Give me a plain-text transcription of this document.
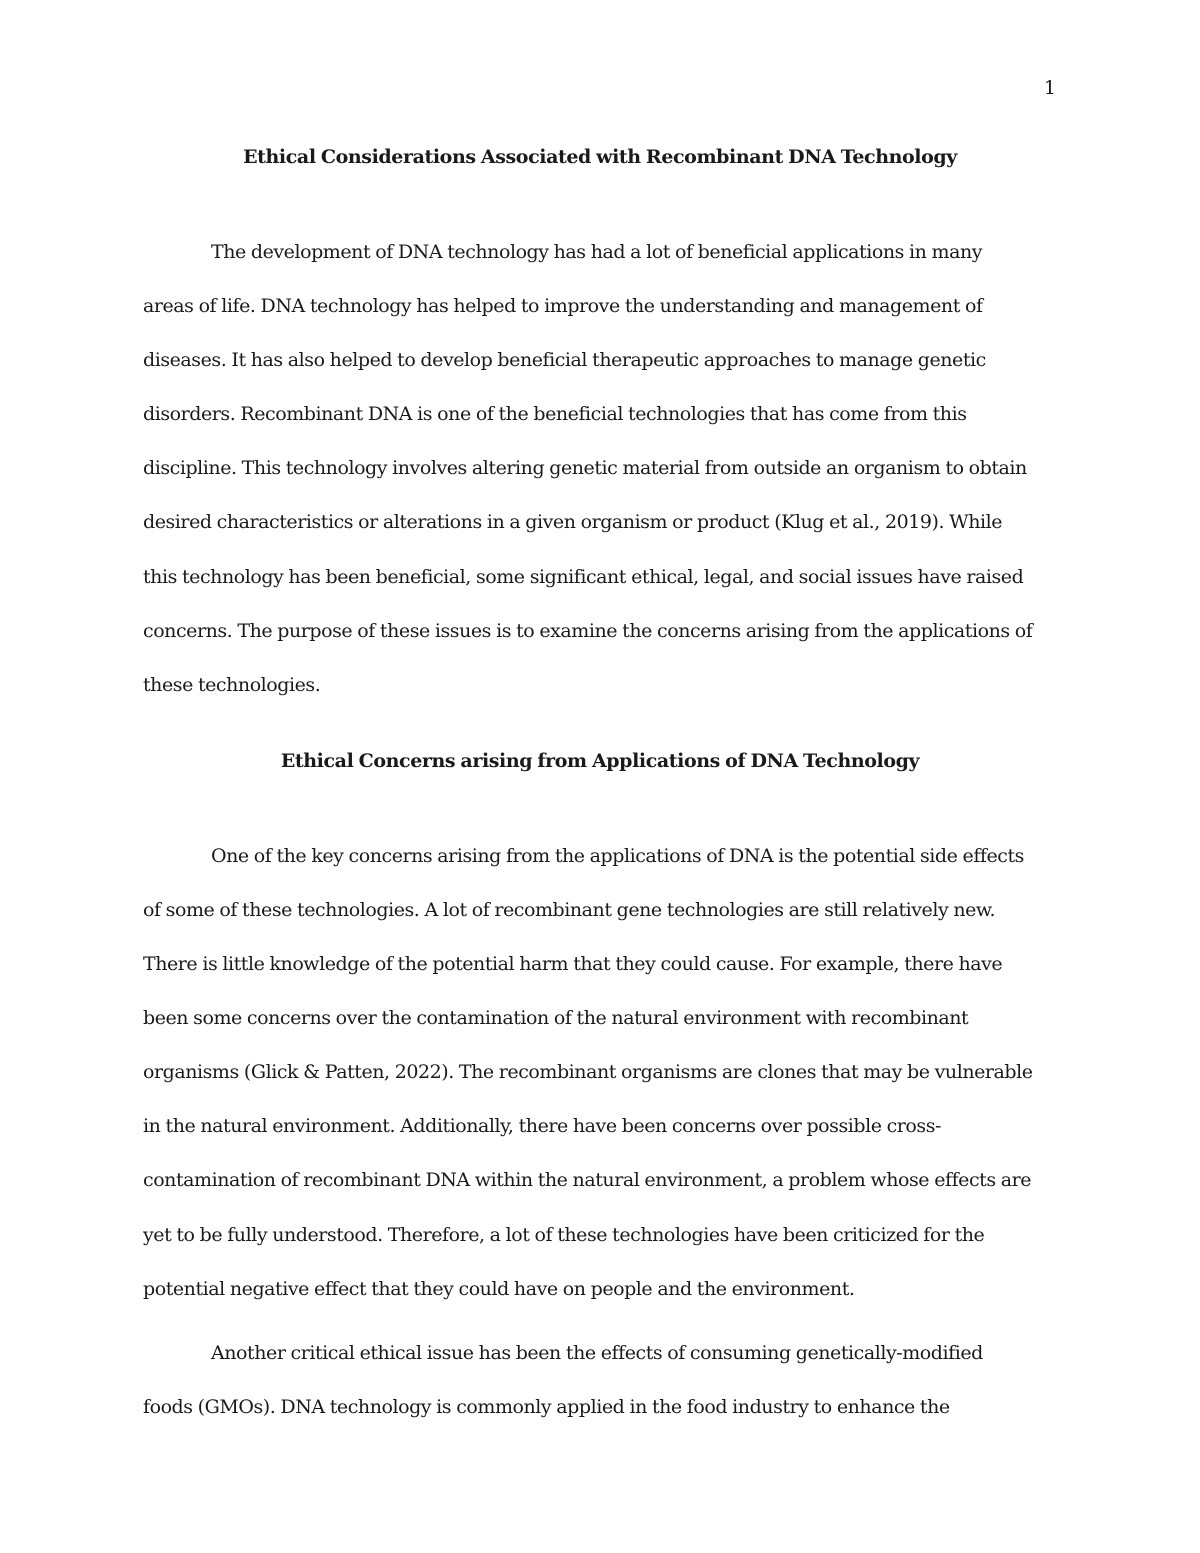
1
Ethical Considerations Associated with Recombinant DNA Technology
The development of DNA technology has had a lot of beneficial applications in many
areas of life. DNA technology has helped to improve the understanding and management of
diseases. It has also helped to develop beneficial therapeutic approaches to manage genetic
disorders. Recombinant DNA is one of the beneficial technologies that has come from this
discipline. This technology involves altering genetic material from outside an organism to obtain
desired characteristics or alterations in a given organism or product (Klug et al., 2019). While
this technology has been beneficial, some significant ethical, legal, and social issues have raised
concerns. The purpose of these issues is to examine the concerns arising from the applications of
these technologies.
Ethical Concerns arising from Applications of DNA Technology
One of the key concerns arising from the applications of DNA is the potential side effects
of some of these technologies. A lot of recombinant gene technologies are still relatively new.
There is little knowledge of the potential harm that they could cause. For example, there have
been some concerns over the contamination of the natural environment with recombinant
organisms (Glick & Patten, 2022). The recombinant organisms are clones that may be vulnerable
in the natural environment. Additionally, there have been concerns over possible cross-
contamination of recombinant DNA within the natural environment, a problem whose effects are
yet to be fully understood. Therefore, a lot of these technologies have been criticized for the
potential negative effect that they could have on people and the environment.
Another critical ethical issue has been the effects of consuming genetically-modified
foods (GMOs). DNA technology is commonly applied in the food industry to enhance the
